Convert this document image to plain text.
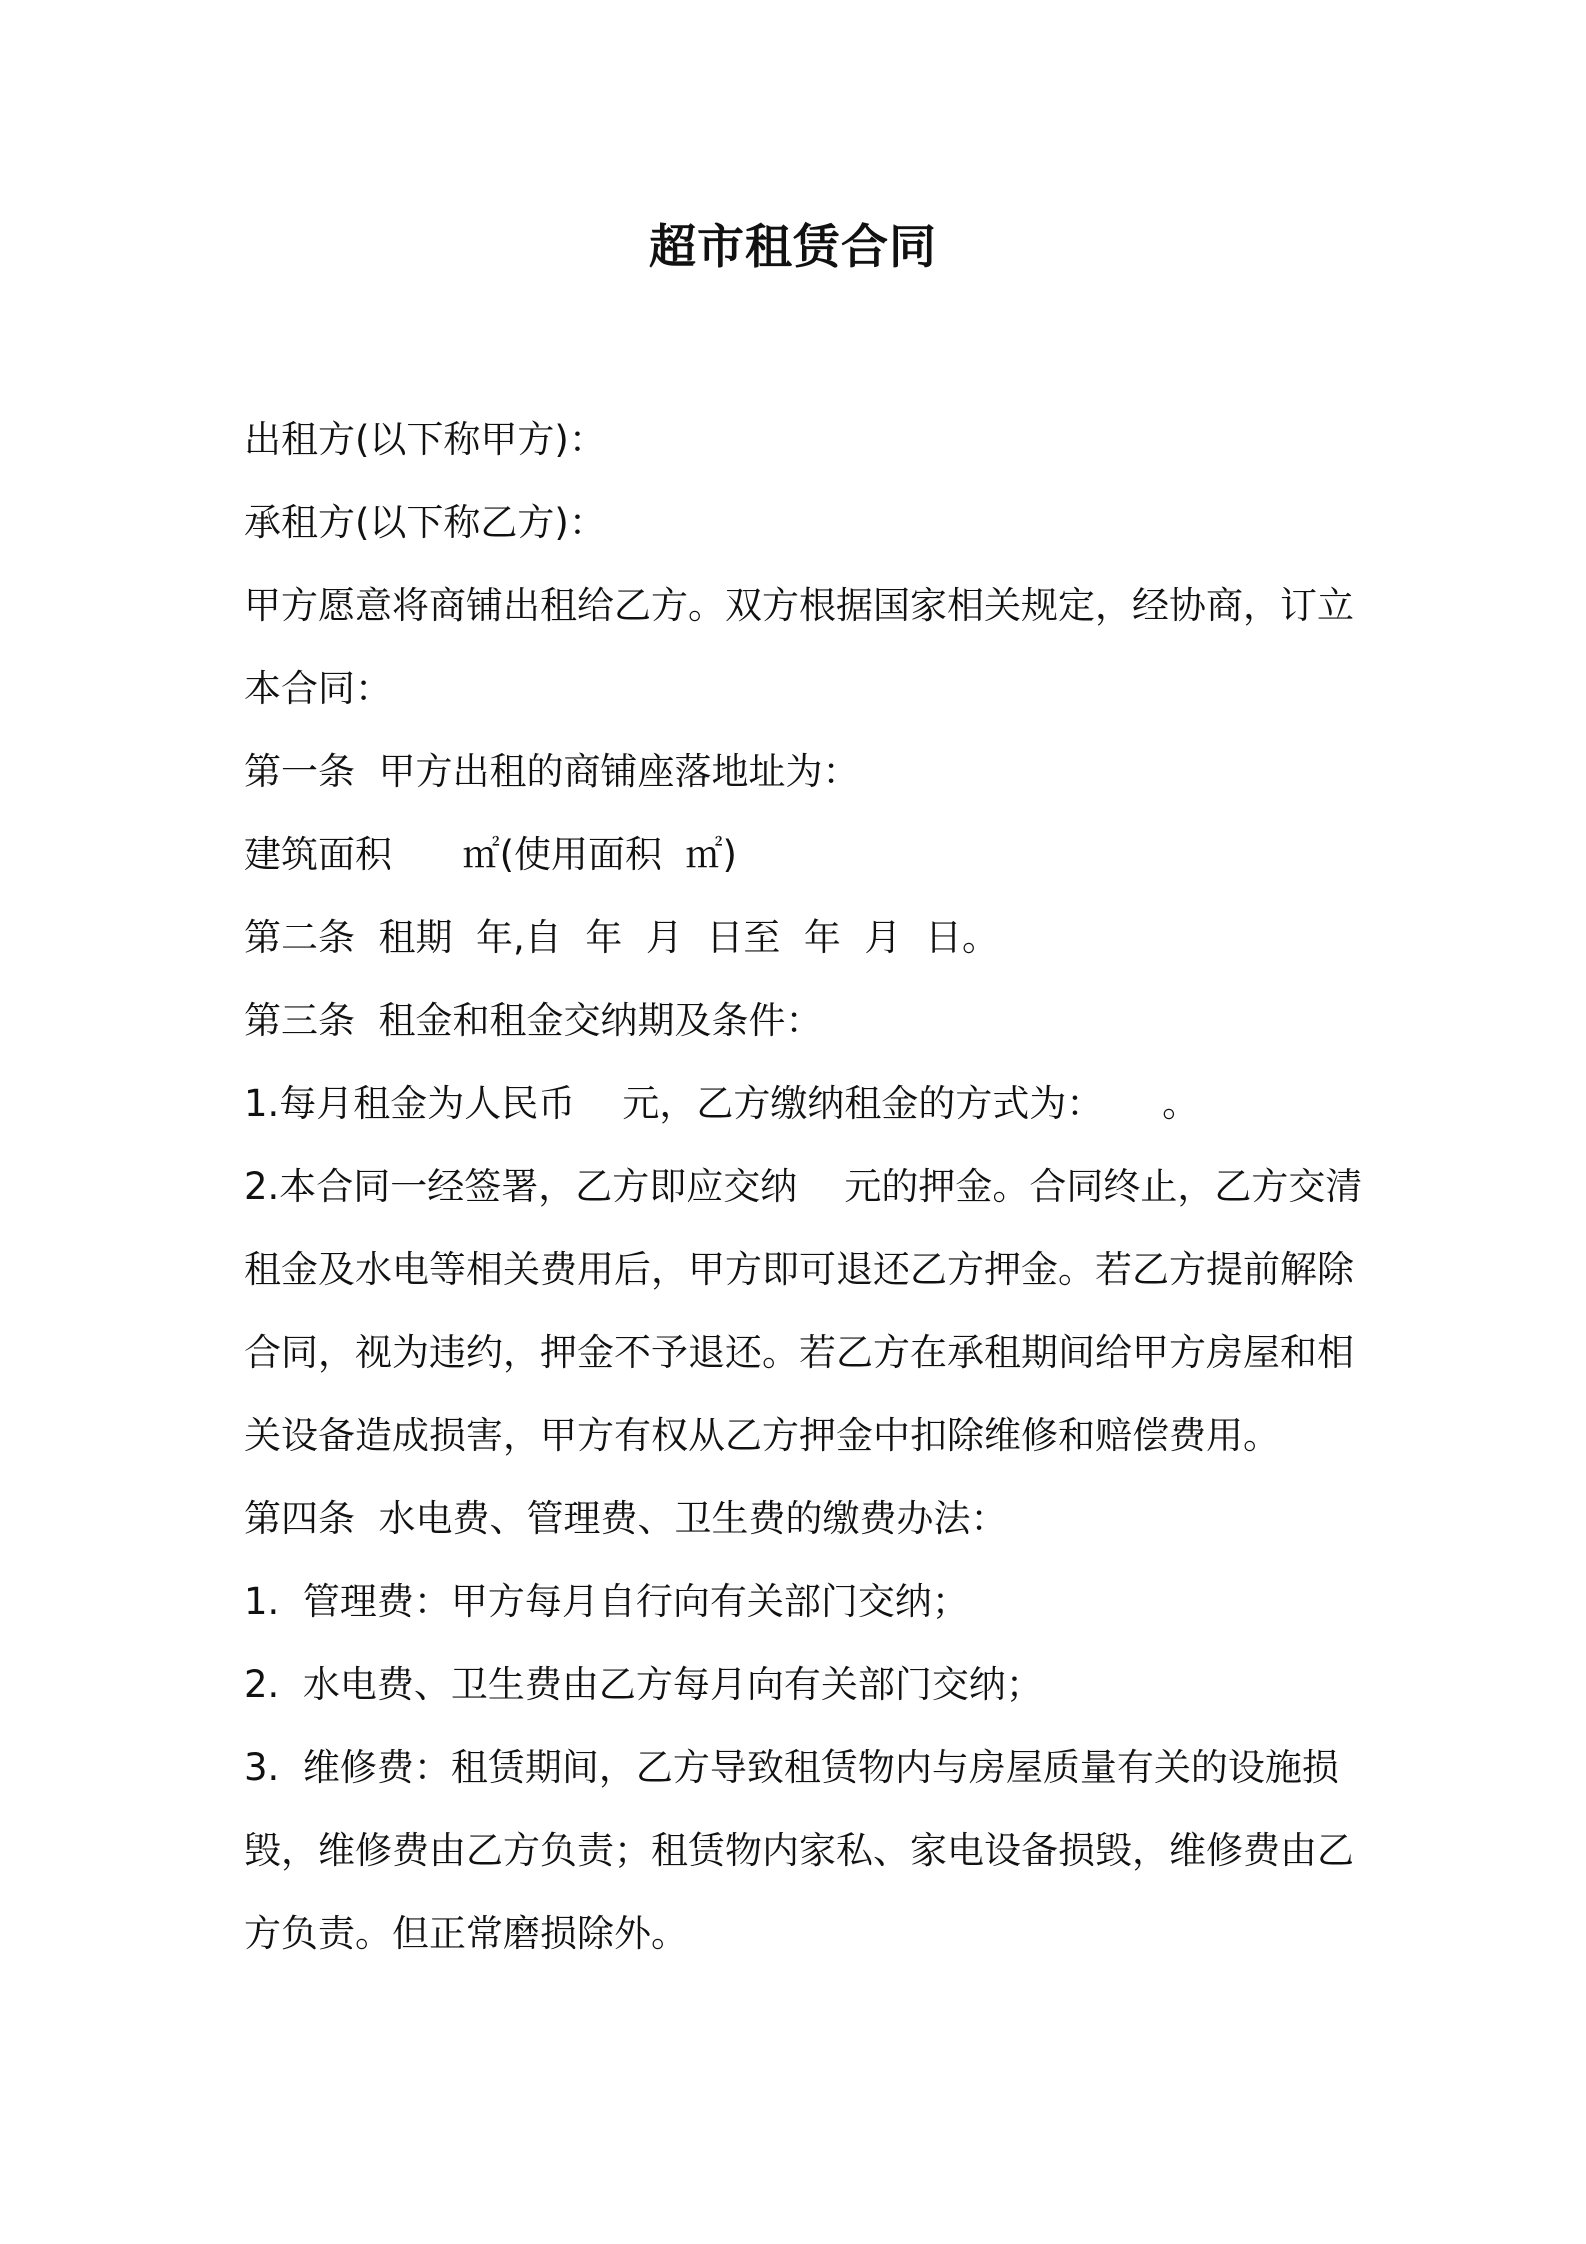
超市租赁合同
出租方(以下称甲方)：
承租方(以下称乙方)：
甲方愿意将商铺出租给乙方。双方根据国家相关规定，经协商，订立
本合同：
第一条  甲方出租的商铺座落地址为：
建筑面积      ㎡(使用面积  ㎡)
第二条  租期  年,自  年  月  日至  年  月  日。
第三条  租金和租金交纳期及条件：
1.每月租金为人民币    元，乙方缴纳租金的方式为：     。
2.本合同一经签署，乙方即应交纳    元的押金。合同终止，乙方交清
租金及水电等相关费用后，甲方即可退还乙方押金。若乙方提前解除
合同，视为违约，押金不予退还。若乙方在承租期间给甲方房屋和相
关设备造成损害，甲方有权从乙方押金中扣除维修和赔偿费用。
第四条  水电费、管理费、卫生费的缴费办法：
1.  管理费：甲方每月自行向有关部门交纳；
2.  水电费、卫生费由乙方每月向有关部门交纳；
3.  维修费：租赁期间，乙方导致租赁物内与房屋质量有关的设施损
毁，维修费由乙方负责；租赁物内家私、家电设备损毁，维修费由乙
方负责。但正常磨损除外。
